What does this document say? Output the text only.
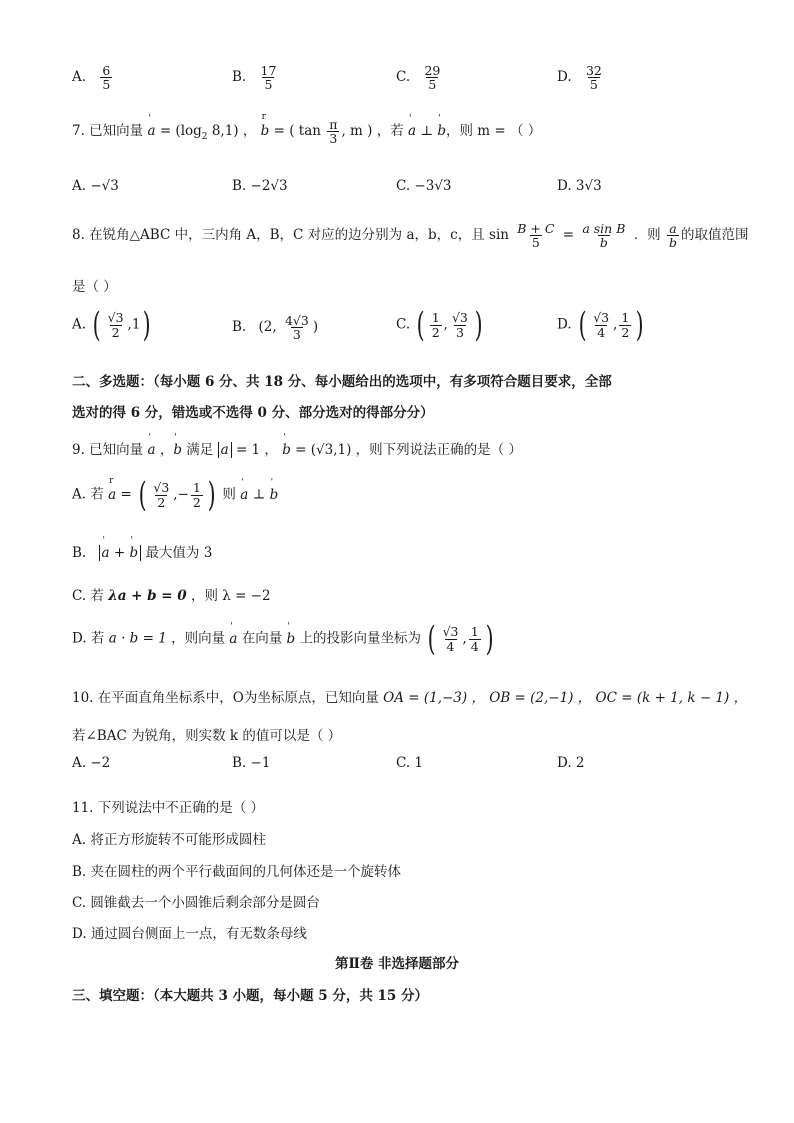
A. $\frac{6}{5}$	B. $\frac{17}{5}$	C. $\frac{29}{5}$	D. $\frac{32}{5}$
7. 已知向量 ' $a = (\log_2$ 8,1) ， r b = ( $\tan \frac{\pi}{3}$ , m ) ，若 ' a ⊥ ' b，则 m = （ ）
A. −√3	B. −2√3	C. −3√3	D. 3√3
8. 在锐角△ABC 中，三内角 A，B，C 对应的边分别为 a，b，c，且 $\sin \frac{B + C}{5} = \frac{\text{a sin B}}{b}$ ．则 $\frac{a}{b}$ 的取值范围
是（ ）
A. ( $\frac{√3}{2} ,1$)	B. (2, $\frac{4√3}{3}$ )	C. ( $\frac{1}{2}$ , $\frac{√3}{3}$ )	D. ( $\frac{√3}{4}$ , $\frac{1}{2}$ )
二、多选题：（每小题 6 分、共 18 分、每小题给出的选项中，有多项符合题目要求，全部
选对的得 6 分，错选或不选得 0 分、部分选对的得部分分）
9. 已知向量 ' a ，' b 满足 a = 1 ， ' b = (√3,1) ，则下列说法正确的是（ ）
A. 若 r a = ( $\frac{√3}{2}$ ,− $\frac{1}{2}$ ) 则 ' a ⊥ ' b
B. ' a + ' b 最大值为 3
C. 若 λa + b = 0 ，则 λ = −2
D. 若 a · b = 1 ，则向量 ' a 在向量 ' b 上的投影向量坐标为 ( $\frac{√3}{4}$ , $\frac{1}{4}$ )
10. 在平面直角坐标系中，O为坐标原点，已知向量 OA = (1,−3) ， OB = (2,−1) ， OC = (k + 1, k − 1) ，
若∠BAC 为锐角，则实数 k 的值可以是（ ）
A. −2	B. −1	C. 1	D. 2
11. 下列说法中不正确的是（ ）
A. 将正方形旋转不可能形成圆柱
B. 夹在圆柱的两个平行截面间的几何体还是一个旋转体
C. 圆锥截去一个小圆锥后剩余部分是圆台
D. 通过圆台侧面上一点，有无数条母线
第Ⅱ卷 非选择题部分
三、填空题：（本大题共 3 小题，每小题 5 分，共 15 分）
